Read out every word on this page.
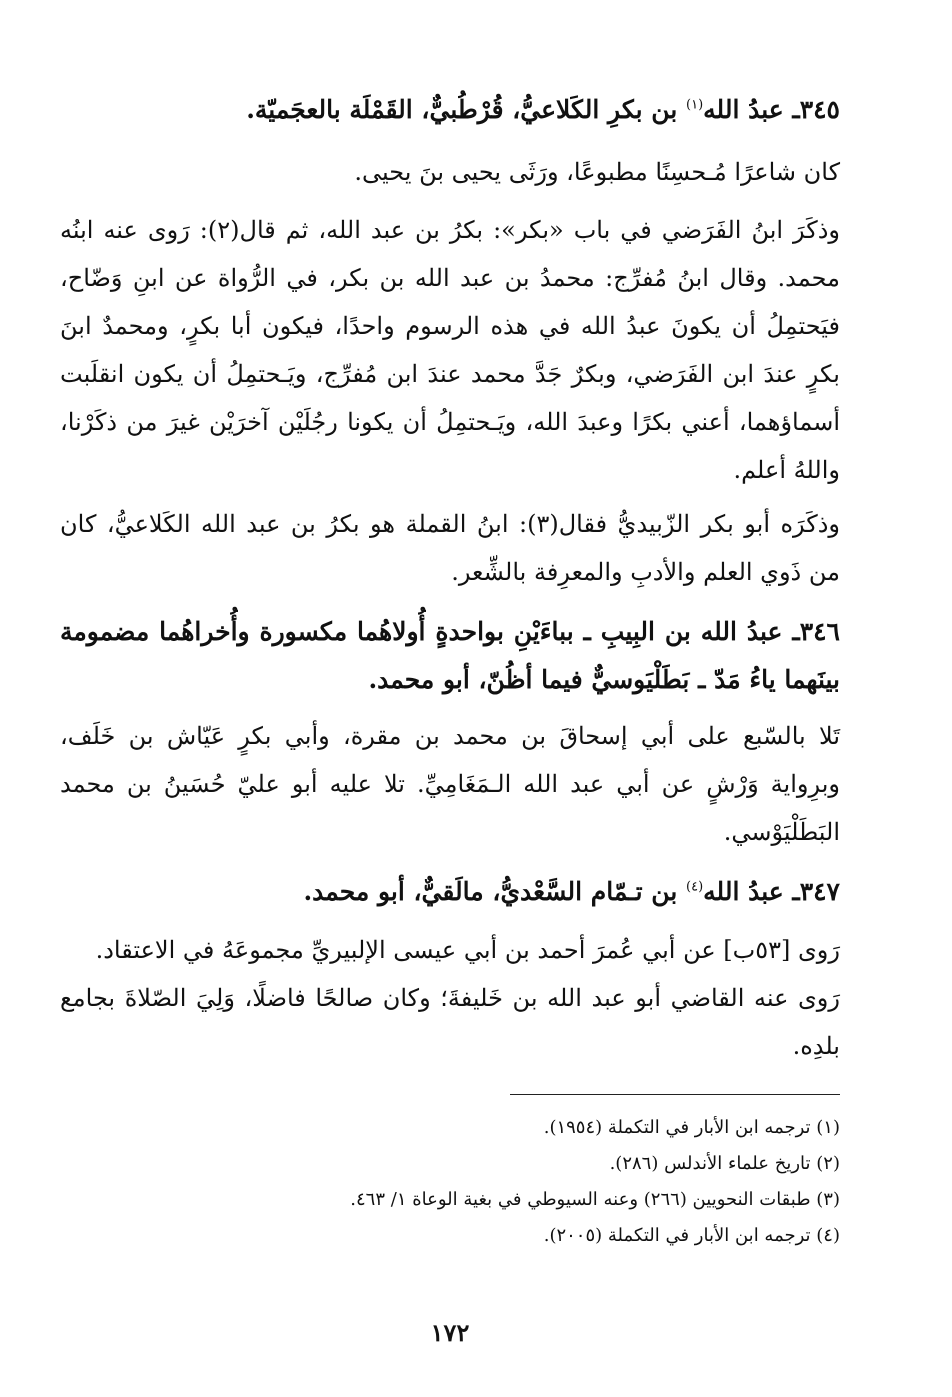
٣٤٥ـ عبدُ الله$^{(١)}$ بن بكرِ الكَلاعيُّ، قُرْطُبيٌّ، القَمْلَة بالعجَميّة.

كان شاعرًا مُـحسِنًا مطبوعًا، ورَثَى يحيى بنَ يحيى.

وذكَرَ ابنُ الفَرَضي في باب «بكر»: بكرُ بن عبد الله، ثم قال(٢): رَوى عنه ابنُه محمد. وقال ابنُ مُفرِّج: محمدُ بن عبد الله بن بكر، في الرُّواة عن ابنِ وَضّاح، فيَحتمِلُ أن يكونَ عبدُ الله في هذه الرسوم واحدًا، فيكون أبا بكرٍ، ومحمدٌ ابنَ بكرٍ عندَ ابن الفَرَضي، وبكرٌ جَدَّ محمد عندَ ابن مُفرِّج، ويَـحتمِلُ أن يكون انقلَبت أسماؤهما، أعني بكرًا وعبدَ الله، ويَـحتمِلُ أن يكونا رجُلَيْن آخرَيْن غيرَ من ذكَرْنا، واللهُ أعلم.

وذكَرَه أبو بكر الزّبيديُّ فقال(٣): ابنُ القملة هو بكرُ بن عبد الله الكَلاعيُّ، كان من ذَوي العلم والأدبِ والمعرِفة بالشِّعر.

٣٤٦ـ عبدُ الله بن البِيبِ ـ بباءَيْنِ بواحدةٍ أُولاهُما مكسورة وأُخراهُما مضمومة بينَهما ياءُ مَدّ ـ بَطَلْيَوسيٌّ فيما أظُنّ، أبو محمد.

تَلا بالسّبع على أبي إسحاقَ بن محمد بن مقرة، وأبي بكرٍ عَيّاش بن خَلَف، وبرِواية وَرْشٍ عن أبي عبد الله الـمَغَامِيِّ. تلا عليه أبو عليّ حُسَينُ بن محمد البَطَلْيَوْسي.

٣٤٧ـ عبدُ الله$^{(٤)}$ بن تـمّام السَّعْديُّ، مالَقيٌّ، أبو محمد.

رَوى [٥٣ب] عن أبي عُمرَ أحمد بن أبي عيسى الإلبيريِّ مجموعَهُ في الاعتقاد.

رَوى عنه القاضي أبو عبد الله بن خَليفةَ؛ وكان صالحًا فاضلًا، وَلِيَ الصّلاةَ بجامع بلدِه.

(١) ترجمه ابن الأبار في التكملة (١٩٥٤).

(٢) تاريخ علماء الأندلس (٢٨٦).

(٣) طبقات النحويين (٢٦٦) وعنه السيوطي في بغية الوعاة ١/ ٤٦٣.

(٤) ترجمه ابن الأبار في التكملة (٢٠٠٥).

١٧٢
